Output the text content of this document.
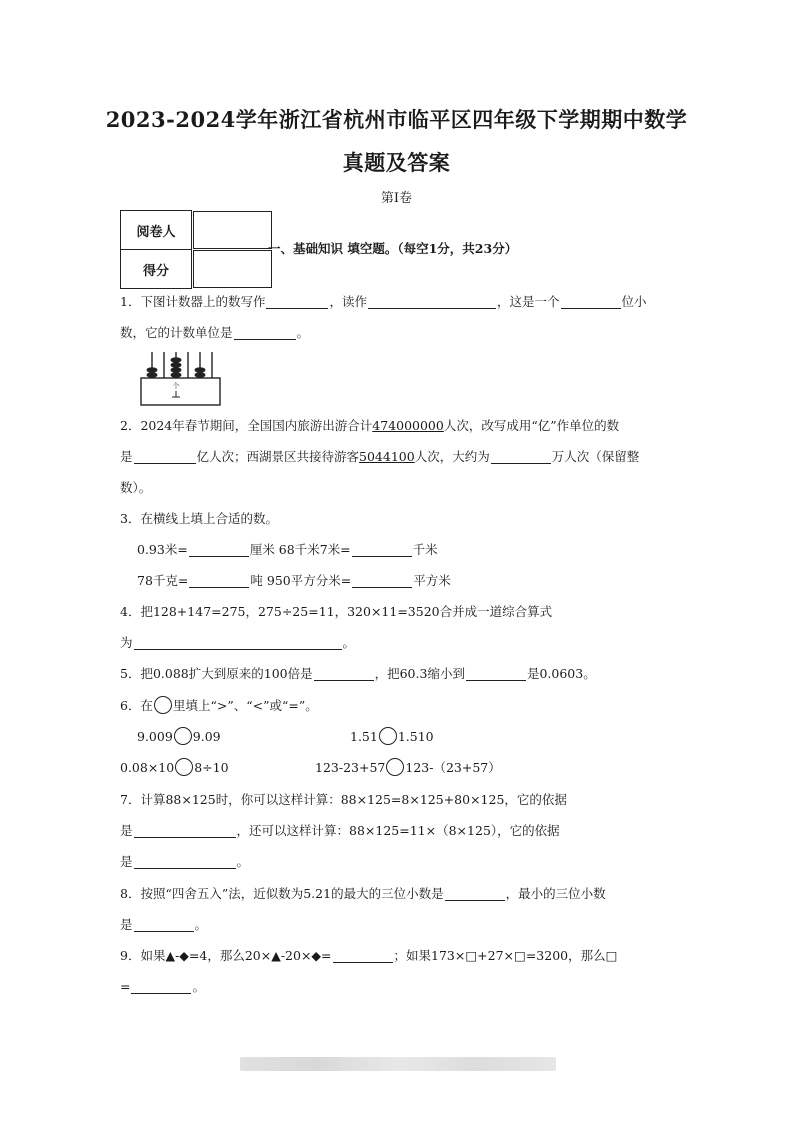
2023-2024学年浙江省杭州市临平区四年级下学期期中数学
真题及答案
第Ⅰ卷
阅卷人	
得分	
一、基础知识 填空题。（每空1分，共23分）
1．下图计数器上的数写作	，读作	，这是一个	位小
数，它的计数单位是	。
个
2．2024年春节期间，全国国内旅游出游合计474000000人次，改写成用“亿”作单位的数
是	亿人次；西湖景区共接待游客5044100人次，大约为	万人次（保留整
数）。
3．在横线上填上合适的数。
0.93米=	厘米 68千米7米=	千米
78千克=	吨 950平方分米=	平方米
4．把128+147=275，275÷25=11，320×11=3520合并成一道综合算式
为	。
5．把0.088扩大到原来的100倍是	，把60.3缩小到	是0.0603。
6．在 里填上“>”、“<”或“=”。
9.009 9.09	1.51 1.510
0.08×10 8÷10	123-23+57 123-（23+57）
7．计算88×125时，你可以这样计算：88×125=8×125+80×125，它的依据
是	，还可以这样计算：88×125=11×（8×125），它的依据
是	。
8．按照“四舍五入”法，近似数为5.21的最大的三位小数是	，最小的三位小数
是	。
9．如果▲-◆=4，那么20×▲-20×◆=	；如果173×□+27×□=3200，那么□
=	。
